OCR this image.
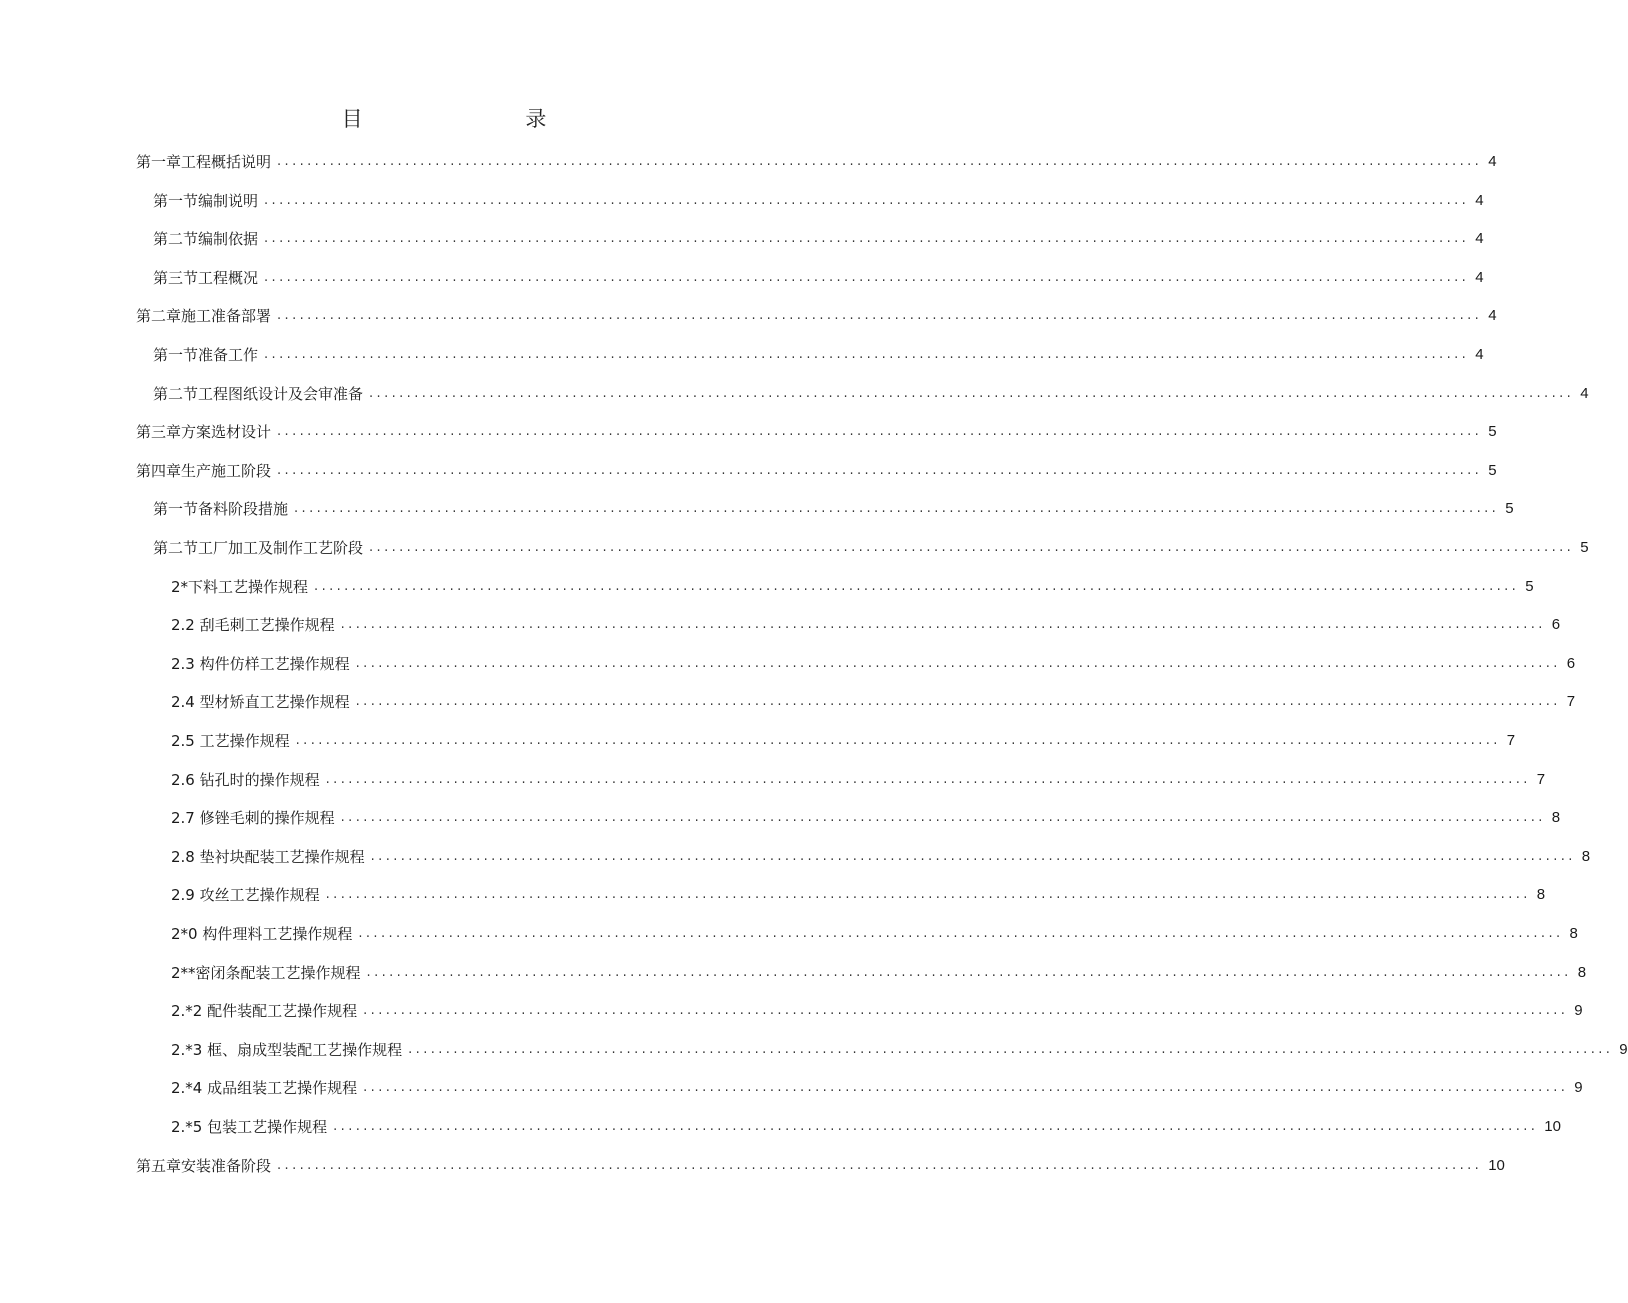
目 录
第一章工程概括说明 ................................................................................................................................................................ 4
第一节编制说明 ................................................................................................................................................................ 4
第二节编制依据 ................................................................................................................................................................ 4
第三节工程概况 ................................................................................................................................................................ 4
第二章施工准备部署 ................................................................................................................................................................ 4
第一节准备工作 ................................................................................................................................................................ 4
第二节工程图纸设计及会审准备 ................................................................................................................................................................ 4
第三章方案选材设计 ................................................................................................................................................................ 5
第四章生产施工阶段 ................................................................................................................................................................ 5
第一节备料阶段措施 ................................................................................................................................................................ 5
第二节工厂加工及制作工艺阶段 ................................................................................................................................................................ 5
2*下料工艺操作规程 ................................................................................................................................................................ 5
2.2 刮毛刺工艺操作规程 ................................................................................................................................................................ 6
2.3 构件仿样工艺操作规程 ................................................................................................................................................................ 6
2.4 型材矫直工艺操作规程 ................................................................................................................................................................ 7
2.5 工艺操作规程 ................................................................................................................................................................ 7
2.6 钻孔时的操作规程 ................................................................................................................................................................ 7
2.7 修锉毛刺的操作规程 ................................................................................................................................................................ 8
2.8 垫衬块配装工艺操作规程 ................................................................................................................................................................ 8
2.9 攻丝工艺操作规程 ................................................................................................................................................................ 8
2*0 构件理料工艺操作规程 ................................................................................................................................................................ 8
2**密闭条配装工艺操作规程 ................................................................................................................................................................ 8
2.*2 配件装配工艺操作规程 ................................................................................................................................................................ 9
2.*3 框、扇成型装配工艺操作规程 ................................................................................................................................................................ 9
2.*4 成品组装工艺操作规程 ................................................................................................................................................................ 9
2.*5 包装工艺操作规程 ................................................................................................................................................................ 10
第五章安装准备阶段 ................................................................................................................................................................ 10
